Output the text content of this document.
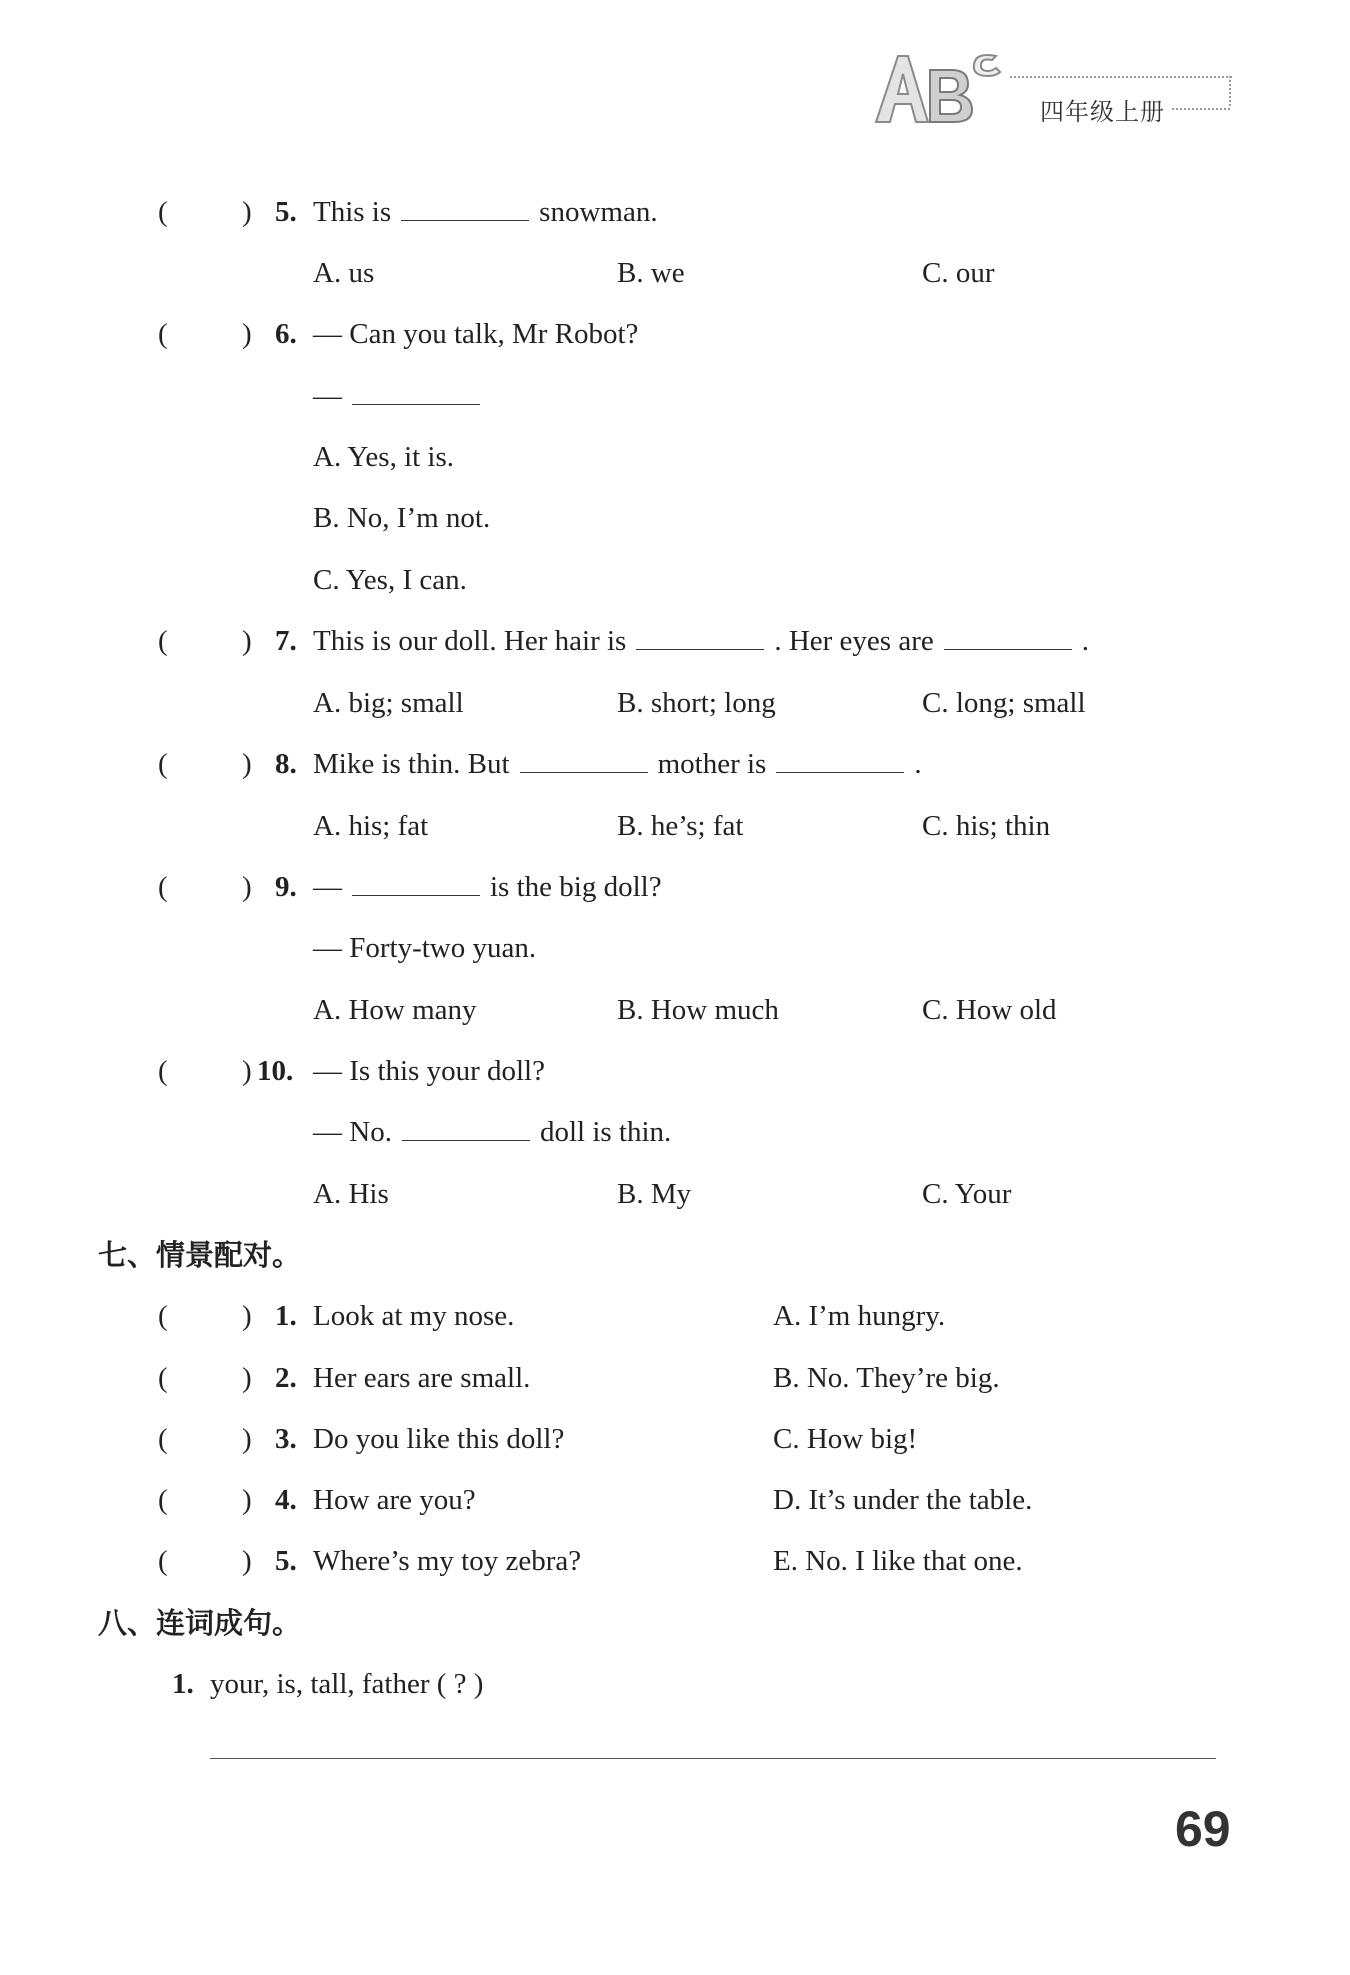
四年级上册
(	) 5. This is	snowman.
A. us	B. we	C. our
(	) 6. — Can you talk, Mr Robot?
—
A. Yes, it is.
B. No, I’m not.
C. Yes, I can.
(	) 7. This is our doll. Her hair is	. Her eyes are	.
A. big; small	B. short; long	C. long; small
(	) 8. Mike is thin. But	mother is	.
A. his; fat	B. he’s; fat	C. his; thin
(	) 9. —	is the big doll?
— Forty-two yuan.
A. How many	B. How much	C. How old
(	) 10. — Is this your doll?
— No.	doll is thin.
A. His	B. My	C. Your
七、情景配对。
(	) 1. Look at my nose.	A. I’m hungry.
(	) 2. Her ears are small.	B. No. They’re big.
(	) 3. Do you like this doll?	C. How big!
(	) 4. How are you?	D. It’s under the table.
(	) 5. Where’s my toy zebra?	E. No. I like that one.
八、连词成句。
1. your, is, tall, father ( ? )
69
